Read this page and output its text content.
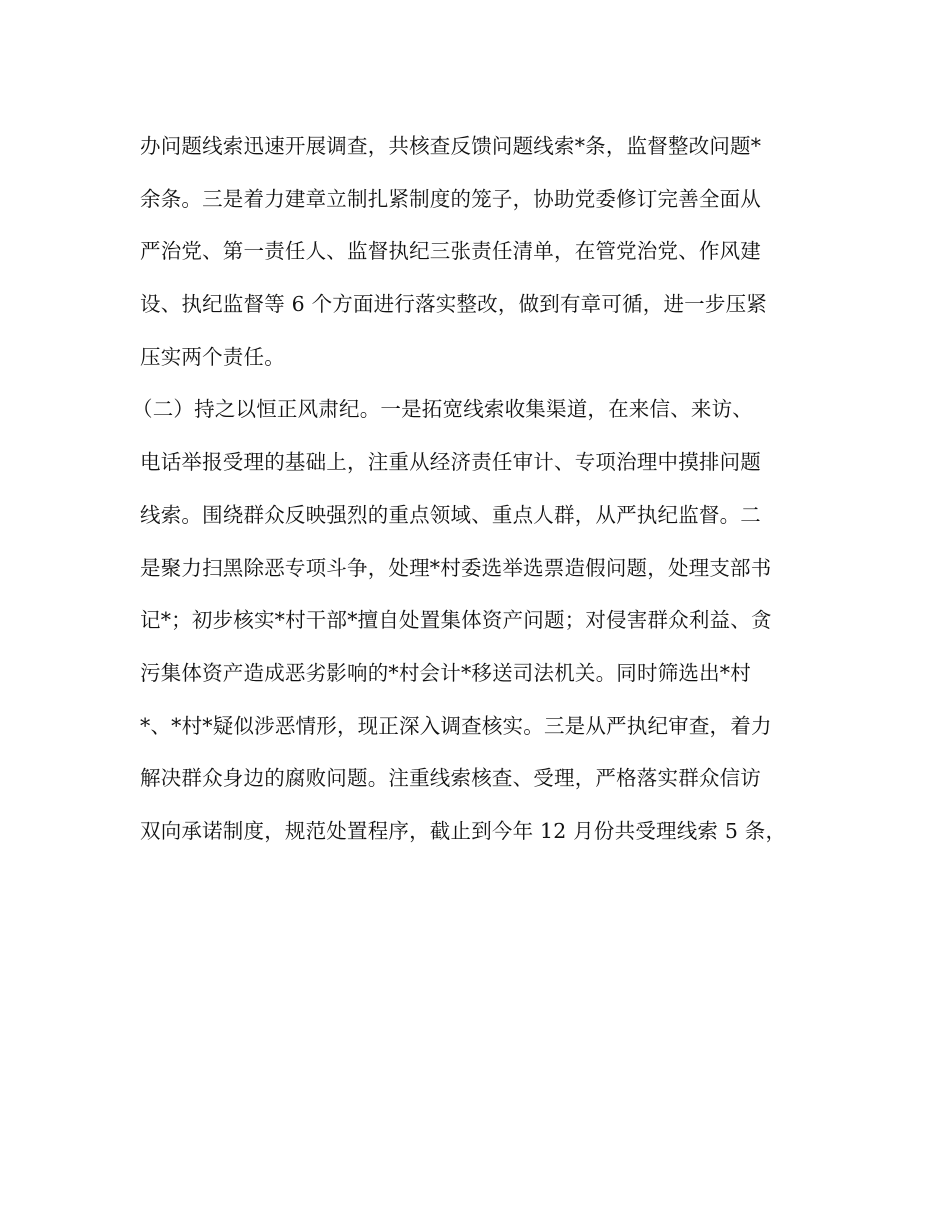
办问题线索迅速开展调查，共核查反馈问题线索*条，监督整改问题*
余条。三是着力建章立制扎紧制度的笼子，协助党委修订完善全面从
严治党、第一责任人、监督执纪三张责任清单，在管党治党、作风建
设、执纪监督等 6 个方面进行落实整改，做到有章可循，进一步压紧
压实两个责任。
（二）持之以恒正风肃纪。一是拓宽线索收集渠道，在来信、来访、
电话举报受理的基础上，注重从经济责任审计、专项治理中摸排问题
线索。围绕群众反映强烈的重点领域、重点人群，从严执纪监督。二
是聚力扫黑除恶专项斗争，处理*村委选举选票造假问题，处理支部书
记*；初步核实*村干部*擅自处置集体资产问题；对侵害群众利益、贪
污集体资产造成恶劣影响的*村会计*移送司法机关。同时筛选出*村
*、*村*疑似涉恶情形，现正深入调查核实。三是从严执纪审查，着力
解决群众身边的腐败问题。注重线索核查、受理，严格落实群众信访
双向承诺制度，规范处置程序，截止到今年 12 月份共受理线索 5 条，
